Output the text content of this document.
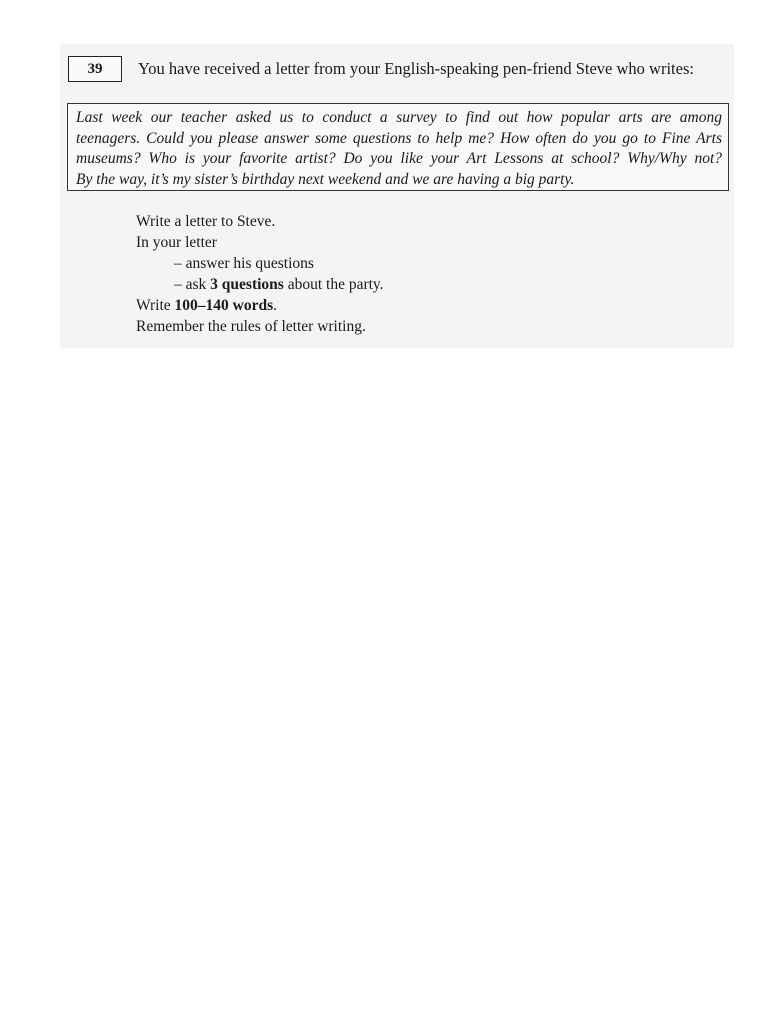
39 You have received a letter from your English-speaking pen-friend Steve who writes:
Last week our teacher asked us to conduct a survey to find out how popular arts are among
teenagers. Could you please answer some questions to help me? How often do you go to Fine Arts
museums? Who is your favorite artist? Do you like your Art Lessons at school? Why/Why not?
By the way, it’s my sister’s birthday next weekend and we are having a big party.
Write a letter to Steve.
In your letter
– answer his questions
– ask 3 questions about the party.
Write 100–140 words.
Remember the rules of letter writing.
